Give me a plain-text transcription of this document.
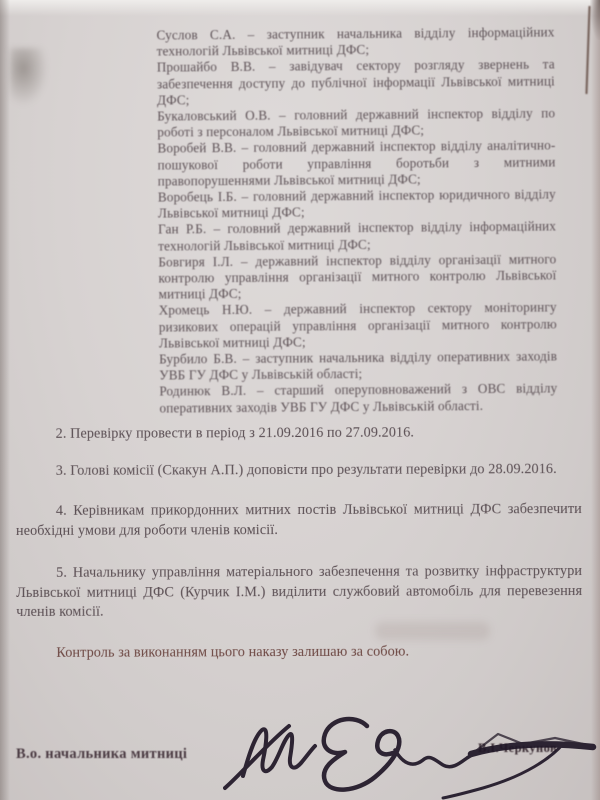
Суслов С.А. – заступник начальника відділу інформаційних технологій Львівської митниці ДФС;

Прошайбо В.В. – завідувач сектору розгляду звернень та забезпечення доступу до публічної інформації Львівської митниці ДФС;

Букаловський О.В. – головний державний інспектор відділу по роботі з персоналом Львівської митниці ДФС;

Воробей В.В. – головний державний інспектор відділу аналітично-пошукової роботи управління боротьби з митними правопорушеннями Львівської митниці ДФС;

Воробець І.Б. – головний державний інспектор юридичного відділу Львівської митниці ДФС;

Ган Р.Б. – головний державний інспектор відділу інформаційних технологій Львівської митниці ДФС;

Бовгиря І.Л. – державний інспектор відділу організації митного контролю управління організації митного контролю Львівської митниці ДФС;

Хромець Н.Ю. – державний інспектор сектору моніторингу ризикових операцій управління організації митного контролю Львівської митниці ДФС;

Бурбило Б.В. – заступник начальника відділу оперативних заходів УВБ ГУ ДФС у Львівській області;

Родинюк В.Л. – старший оперуповноважений з ОВС відділу оперативних заходів УВБ ГУ ДФС у Львівській області.

2. Перевірку провести в період з 21.09.2016 по 27.09.2016.

3. Голові комісії (Скакун А.П.) доповісти про результати перевірки до 28.09.2016.

4. Керівникам прикордонних митних постів Львівської митниці ДФС забезпечити необхідні умови для роботи членів комісії.

5. Начальнику управління матеріального забезпечення та розвитку інфраструктури Львівської митниці ДФС (Курчик І.М.) виділити службовий автомобіль для перевезення членів комісії.

Контроль за виконанням цього наказу залишаю за собою.

В.о. начальника митниці	В.І.Черкунов
